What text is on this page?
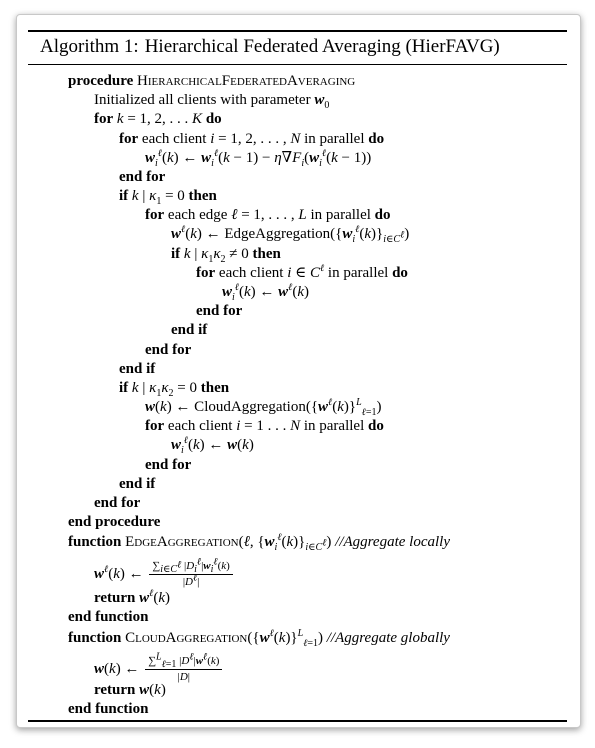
Algorithm 1: Hierarchical Federated Averaging (HierFAVG)
procedure HierarchicalFederatedAveraging
Initialized all clients with parameter $w_0$
for k = 1, 2, . . . K do
for each client i = 1, 2, . . . , N in parallel do
$w_i^\ell(k)$ ← $w_i^\ell(k - 1) - \eta\nabla F_i(w_i^\ell(k - 1))$
end for
if k | $\kappa_1 = 0$ then
for each edge ℓ = 1, . . . , L in parallel do
$w^\ell(k)$ ← $EdgeAggregation(\{w_i^\ell(k)\}_{i\in C^\ell})$
if k | $\kappa_1\kappa_2 \ne 0$ then
for each client i ∈ $C^\ell$ in parallel do
$w_i^\ell(k)$ ← $w^\ell(k)$
end for
end if
end for
end if
if k | $\kappa_1\kappa_2 = 0$ then
w(k) ← $CloudAggregation(\{w^\ell(k)\}^L_{\ell=1})$
for each client i = 1 . . . N in parallel do
$w_i^\ell(k)$ ← w(k)
end for
end if
end for
end procedure
function EdgeAggregation(ℓ, $\{w_i^\ell(k)\}_{i\in C^\ell}$) //Aggregate locally
$w^\ell(k)$ ← $\frac{\sum_{i\in C^\ell} |D_i^\ell|w_i^\ell(k)}{|D^\ell|}$
return $w^\ell(k)$
end function
function $CloudAggregation(\{w^\ell(k)\}^L_{\ell=1})$ //Aggregate globally
w(k) ← $\frac{\sum^L_{\ell=1} |D^\ell|w^\ell(k)}{|D|}$
return w(k)
end function
